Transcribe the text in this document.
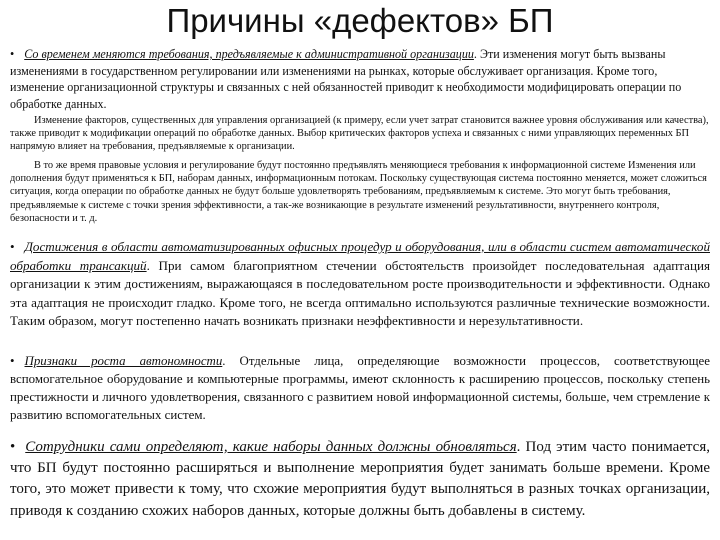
Причины «дефектов» БП

• Со временем меняются требования, предъявляемые к административной организации. Эти изменения могут быть вызваны изменениями в государственном регулировании или изменениями на рынках, которые обслуживает организация. Кроме того, изменение организационной структуры и связанных с ней обязанностей приводит к необходимости модифицировать операции по обработке данных.

Изменение факторов, существенных для управления организацией (к примеру, если учет затрат становится важнее уровня обслуживания или качества), также приводит к модификации операций по обработке данных. Выбор критических факторов успеха и связанных с ними управляющих переменных БП напрямую влияет на требования, предъявляемые к организации.

В то же время правовые условия и регулирование будут постоянно предъявлять меняющиеся требования к информационной системе Изменения или дополнения будут применяться к БП, наборам данных, информационным потокам. Поскольку существующая система постоянно меняется, может сложиться ситуация, когда операции по обработке данных не будут больше удовлетворять требованиям, предъявляемым к системе. Это могут быть требования, предъявляемые к системе с точки зрения эффективности, а так-же возникающие в результате изменений результативности, внутреннего контроля, безопасности и т. д.

• Достижения в области автоматизированных офисных процедур и оборудования, или в области систем автоматической обработки трансакций. При самом благоприятном стечении обстоятельств произойдет последовательная адаптация организации к этим достижениям, выражающаяся в последовательном росте производительности и эффективности. Однако эта адаптация не происходит гладко. Кроме того, не всегда оптимально используются различные технические возможности. Таким образом, могут постепенно начать возникать признаки неэффективности и нерезультативности.

• Признаки роста автономности. Отдельные лица, определяющие возможности процессов, соответствующее вспомогательное оборудование и компьютерные программы, имеют склонность к расширению процессов, поскольку степень престижности и личного удовлетворения, связанного с развитием новой информационной системы, больше, чем стремление к развитию вспомогательных систем.

• Сотрудники сами определяют, какие наборы данных должны обновляться. Под этим часто понимается, что БП будут постоянно расширяться и выполнение мероприятия будет занимать больше времени. Кроме того, это может привести к тому, что схожие мероприятия будут выполняться в разных точках организации, приводя к созданию схожих наборов данных, которые должны быть добавлены в систему.
